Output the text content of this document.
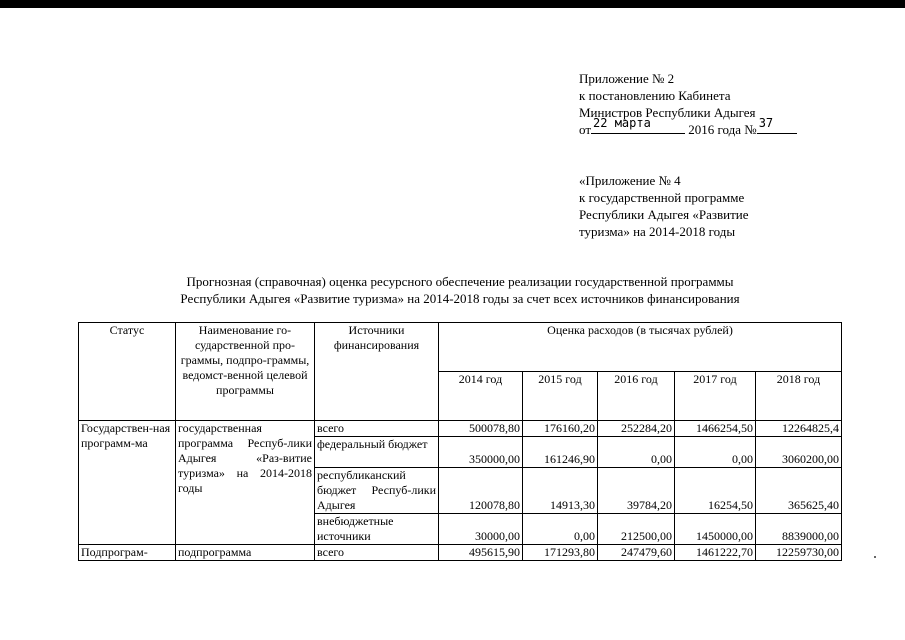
Приложение № 2
к постановлению Кабинета
Министров Республики Адыгея
от 22 марта	2016 года № 37
«Приложение № 4
к государственной программе
Республики Адыгея «Развитие
туризма» на 2014-2018 годы
Прогнозная (справочная) оценка ресурсного обеспечение реализации государственной программы
Республики Адыгея «Развитие туризма» на 2014-2018 годы за счет всех источников финансирования
Статус	Наименование го-сударственной про-граммы, подпро-граммы, ведомст-венной целевой программы	Источники финансирования	Оценка расходов (в тысячах рублей)				
			2014 год	2015 год	2016 год	2017 год	2018 год
Государствен-ная программ-ма	государственная программа Респуб-лики Адыгея «Раз-витие туризма» на 2014-2018 годы	всего	500078,80	176160,20	252284,20	1466254,50	12264825,4
		федеральный бюджет	350000,00	161246,90	0,00	0,00	3060200,00
		республиканский бюджет Респуб-лики Адыгея	120078,80	14913,30	39784,20	16254,50	365625,40
		внебюджетные источники	30000,00	0,00	212500,00	1450000,00	8839000,00
Подпрограм-	подпрограмма	всего	495615,90	171293,80	247479,60	1461222,70	12259730,00
